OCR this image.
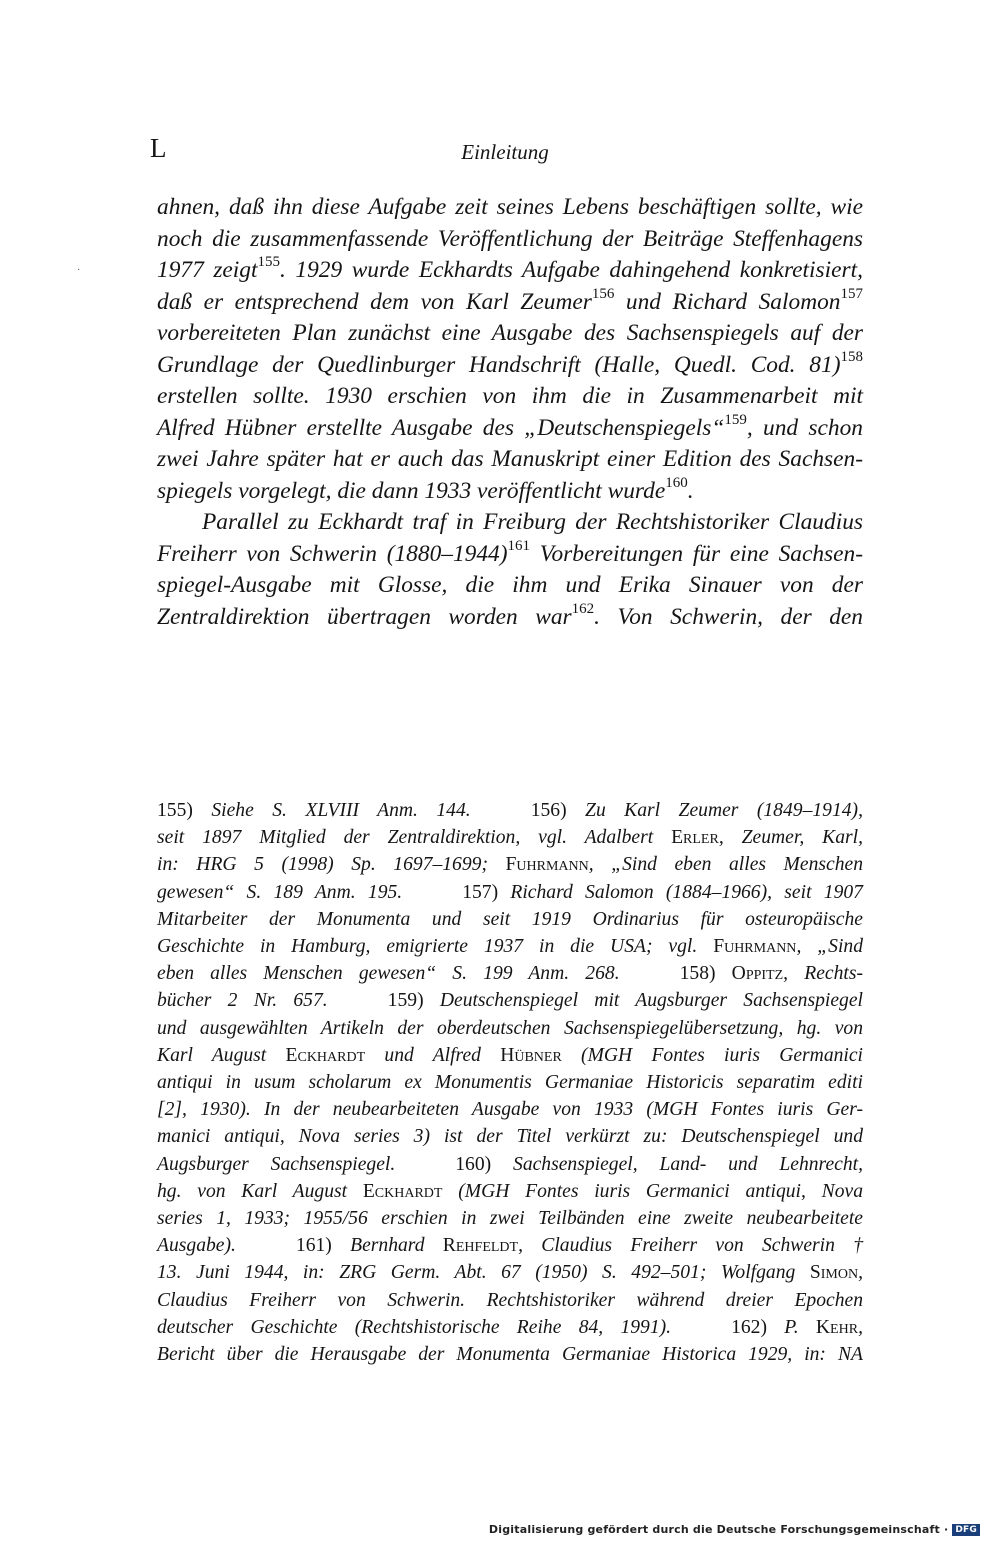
L	Einleitung
·

ahnen, daß ihn diese Aufgabe zeit seines Lebens beschäftigen sollte, wie
noch die zusammenfassende Veröffentlichung der Beiträge Steffenhagens
1977 zeigt$^{155}$. 1929 wurde Eckhardts Aufgabe dahingehend konkretisiert,
daß er entsprechend dem von Karl Zeumer$^{156}$ und Richard Salomon$^{157}$
vorbereiteten Plan zunächst eine Ausgabe des Sachsenspiegels auf der
Grundlage der Quedlinburger Handschrift (Halle, Quedl. Cod. 81)$^{158}$
erstellen sollte. 1930 erschien von ihm die in Zusammenarbeit mit
Alfred Hübner erstellte Ausgabe des „Deutschenspiegels“$^{159}$, und schon
zwei Jahre später hat er auch das Manuskript einer Edition des Sachsen-
spiegels vorgelegt, die dann 1933 veröffentlicht wurde$^{160}$.

Parallel zu Eckhardt traf in Freiburg der Rechtshistoriker Claudius
Freiherr von Schwerin (1880–1944)$^{161}$ Vorbereitungen für eine Sachsen-
spiegel-Ausgabe mit Glosse, die ihm und Erika Sinauer von der
Zentraldirektion übertragen worden war$^{162}$. Von Schwerin, der den

155) Siehe S. XLVIII Anm. 144.	156) Zu Karl Zeumer (1849–1914),
seit 1897 Mitglied der Zentraldirektion, vgl. Adalbert Erler, Zeumer, Karl,
in: HRG 5 (1998) Sp. 1697–1699; Fuhrmann, „Sind eben alles Menschen
gewesen“ S. 189 Anm. 195.	157) Richard Salomon (1884–1966), seit 1907
Mitarbeiter der Monumenta und seit 1919 Ordinarius für osteuropäische
Geschichte in Hamburg, emigrierte 1937 in die USA; vgl. Fuhrmann, „Sind
eben alles Menschen gewesen“ S. 199 Anm. 268.	158) Oppitz, Rechts-
bücher 2 Nr. 657.	159) Deutschenspiegel mit Augsburger Sachsenspiegel
und ausgewählten Artikeln der oberdeutschen Sachsenspiegelübersetzung, hg. von
Karl August Eckhardt und Alfred Hübner (MGH Fontes iuris Germanici
antiqui in usum scholarum ex Monumentis Germaniae Historicis separatim editi
[2], 1930). In der neubearbeiteten Ausgabe von 1933 (MGH Fontes iuris Ger-
manici antiqui, Nova series 3) ist der Titel verkürzt zu: Deutschenspiegel und
Augsburger Sachsenspiegel.	160) Sachsenspiegel, Land- und Lehnrecht,
hg. von Karl August Eckhardt (MGH Fontes iuris Germanici antiqui, Nova
series 1, 1933; 1955/56 erschien in zwei Teilbänden eine zweite neubearbeitete
Ausgabe).	161) Bernhard Rehfeldt, Claudius Freiherr von Schwerin †
13. Juni 1944, in: ZRG Germ. Abt. 67 (1950) S. 492–501; Wolfgang Simon,
Claudius Freiherr von Schwerin. Rechtshistoriker während dreier Epochen
deutscher Geschichte (Rechtshistorische Reihe 84, 1991).	162) P. Kehr,
Bericht über die Herausgabe der Monumenta Germaniae Historica 1929, in: NA
Digitalisierung gefördert durch die Deutsche Forschungsgemeinschaft · DFG
